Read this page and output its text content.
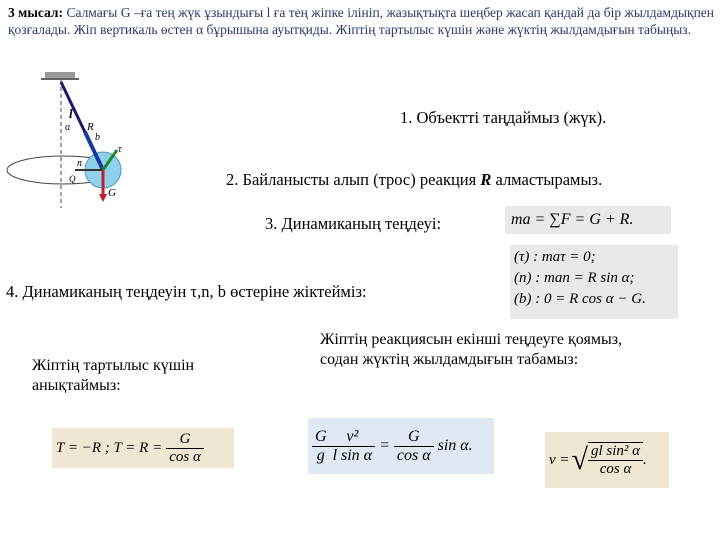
3 мысал: Салмағы G –ға тең жүк ұзындығы l ға тең жіпке ілініп, жазықтықта шеңбер жасап қандай да бір жылдамдықпен қозғалады. Жіп вертикаль өстен α бұрышына ауытқиды. Жіптің тартылыс күшін және жүктің жылдамдығын табыңыз.
l
α R
b
τ
n
G
Q
1. Объектті таңдаймыз (жүк).
2. Байланысты алып (трос) реакция R алмастырамыз.
3. Динамиканың теңдеуі:	ma = ∑F = G + R.
(τ) : maτ = 0;
(n) : man = R sin α;
(b) : 0 = R cos α − G.
4. Динамиканың теңдеуін τ,n, b өстеріне жіктейміз:
Жіптің тартылыс күшін анықтаймыз:
Жіптің реакциясын екінші теңдеуге қоямыз, содан жүктің жылдамдығын табамыз:
T = −R ; $T = R = \frac{G}{\text{cos α}}$	$\frac{G}{g} \frac{\text{v²}}{\text{l sin α}} = \frac{G}{\text{cos α}}$ sin α.
v = √ $\frac{\text{gl sin² α}}{\text{cos α}}$ .
